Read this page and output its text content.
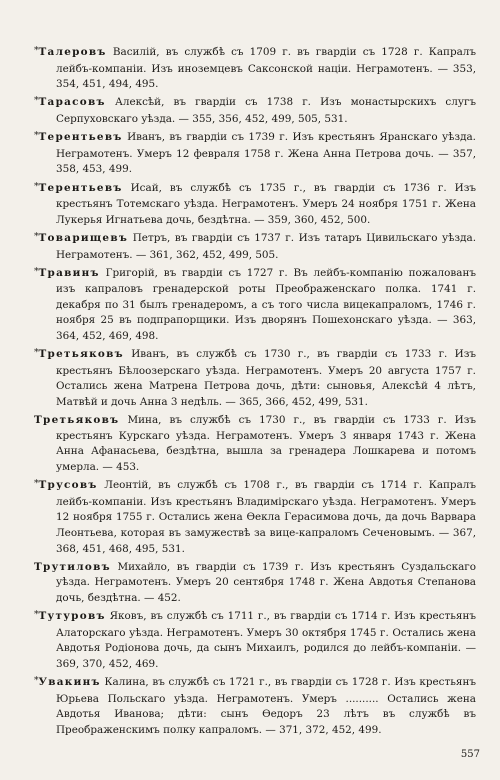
*Талеровъ Василій, въ службѣ съ 1709 г. въ гвардіи съ 1728 г. Капралъ лейбъ-компаніи. Изъ иноземцевъ Саксонской націи. Неграмотенъ. — 353, 354, 451, 494, 495.

*Тарасовъ Алексѣй, въ гвардіи съ 1738 г. Изъ монастырскихъ слугъ Серпуховскаго уѣзда. — 355, 356, 452, 499, 505, 531.

*Терентьевъ Иванъ, въ гвардіи съ 1739 г. Изъ крестьянъ Яранскаго уѣзда. Неграмотенъ. Умеръ 12 февраля 1758 г. Жена Анна Петрова дочь. — 357, 358, 453, 499.

*Терентьевъ Исай, въ службѣ съ 1735 г., въ гвардіи съ 1736 г. Изъ крестьянъ Тотемскаго уѣзда. Неграмотенъ. Умеръ 24 ноября 1751 г. Жена Лукерья Игнатьева дочь, бездѣтна. — 359, 360, 452, 500.

*Товарищевъ Петръ, въ гвардіи съ 1737 г. Изъ татаръ Цивильскаго уѣзда. Неграмотенъ. — 361, 362, 452, 499, 505.

*Травинъ Григорій, въ гвардіи съ 1727 г. Въ лейбъ-компанію пожалованъ изъ капраловъ гренадерской роты Преображенскаго полка. 1741 г. декабря по 31 былъ гренадеромъ, а съ того числа вицекапраломъ, 1746 г. ноября 25 въ подпрапорщики. Изъ дворянъ Пошехонскаго уѣзда. — 363, 364, 452, 469, 498.

*Третьяковъ Иванъ, въ службѣ съ 1730 г., въ гвардіи съ 1733 г. Изъ крестьянъ Бѣлоозерскаго уѣзда. Неграмотенъ. Умеръ 20 августа 1757 г. Остались жена Матрена Петрова дочь, дѣти: сыновья, Алексѣй 4 лѣтъ, Матвѣй и дочь Анна 3 недѣль. — 365, 366, 452, 499, 531.

Третьяковъ Мина, въ службѣ съ 1730 г., въ гвардіи съ 1733 г. Изъ крестьянъ Курскаго уѣзда. Неграмотенъ. Умеръ 3 января 1743 г. Жена Анна Афанасьева, бездѣтна, вышла за гренадера Лошкарева и потомъ умерла. — 453.

*Трусовъ Леонтій, въ службѣ съ 1708 г., въ гвардіи съ 1714 г. Капралъ лейбъ-компаніи. Изъ крестьянъ Владимірскаго уѣзда. Неграмотенъ. Умеръ 12 ноября 1755 г. Остались жена Ѳекла Герасимова дочь, да дочь Варвара Леонтьева, которая въ замужествѣ за вице-капраломъ Сеченовымъ. — 367, 368, 451, 468, 495, 531.

Трутиловъ Михайло, въ гвардіи съ 1739 г. Изъ крестьянъ Суздальскаго уѣзда. Неграмотенъ. Умеръ 20 сентября 1748 г. Жена Авдотья Степанова дочь, бездѣтна. — 452.

*Тутуровъ Яковъ, въ службѣ съ 1711 г., въ гвардіи съ 1714 г. Изъ крестьянъ Алаторскаго уѣзда. Неграмотенъ. Умеръ 30 октября 1745 г. Остались жена Авдотья Родіонова дочь, да сынъ Михаилъ, родился до лейбъ-компаніи. — 369, 370, 452, 469.

*Увакинъ Калина, въ службѣ съ 1721 г., въ гвардіи съ 1728 г. Изъ крестьянъ Юрьева Польскаго уѣзда. Неграмотенъ. Умеръ .......... Остались жена Авдотья Иванова; дѣти: сынъ Ѳедоръ 23 лѣтъ въ службѣ въ Преображенскимъ полку капраломъ. — 371, 372, 452, 499.

557
